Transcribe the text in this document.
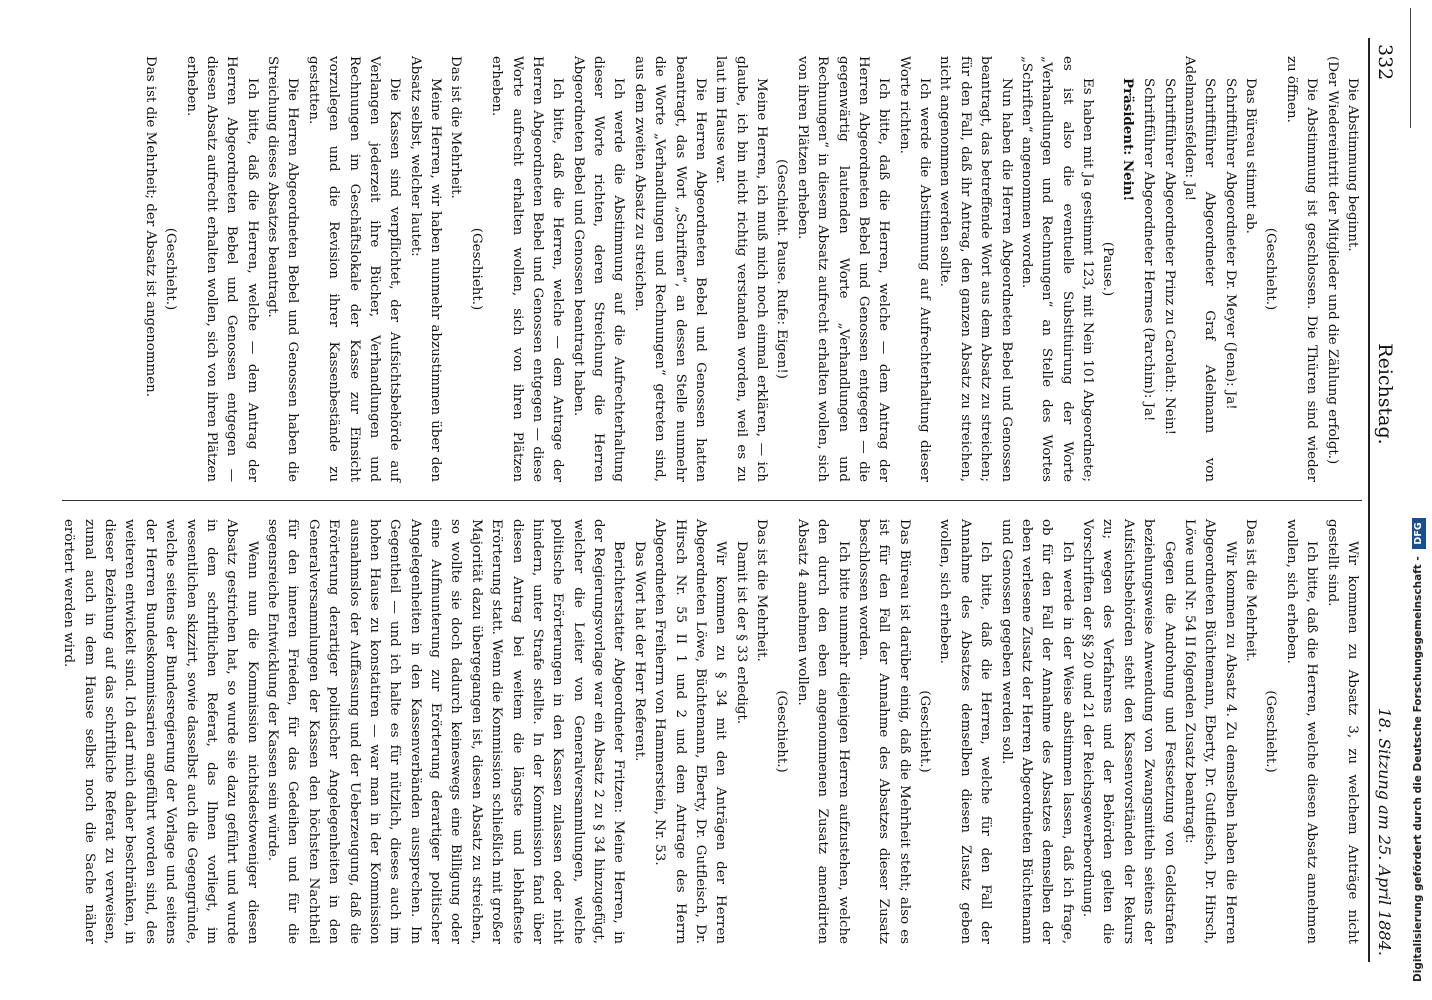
332
Reichstag.
18. Sitzung am 25. April 1884.

Die Abstimmung beginnt.

(Der Wiedereintritt der Mitglieder und die Zählung erfolgt.)

Die Abstimmung ist geschlossen. Die Thüren sind wieder zu öffnen.

(Geschieht.)

Das Büreau stimmt ab.

Schriftführer Abgeordneter Dr. Meyer (Jena): Ja!

Schriftführer Abgeordneter Graf Adelmann von Adelmannsfelden: Ja!

Schriftführer Abgeordneter Prinz zu Carolath: Nein!

Schriftführer Abgeordneter Hermes (Parchim): Ja!

Präsident: Nein!

(Pause.)

Es haben mit Ja gestimmt 123, mit Nein 101 Abgeordnete; es ist also die eventuelle Substituirung der Worte „Verhandlungen und Rechnungen“ an Stelle des Wortes „Schriften“ angenommen worden.

Nun haben die Herren Abgeordneten Bebel und Genossen beantragt, das betreffende Wort aus dem Absatz zu streichen; für den Fall, daß ihr Antrag, den ganzen Absatz zu streichen, nicht angenommen werden sollte.

Ich werde die Abstimmung auf Aufrechterhaltung dieser Worte richten.

Ich bitte, daß die Herren, welche — dem Antrag der Herren Abgeordneten Bebel und Genossen entgegen — die gegenwärtig lautenden Worte „Verhandlungen und Rechnungen“ in diesem Absatz aufrecht erhalten wollen, sich von ihren Plätzen erheben.

(Geschieht. Pause. Rufe: Eigen!)

Meine Herren, ich muß mich noch einmal erklären, — ich glaube, ich bin nicht richtig verstanden worden, weil es zu laut im Hause war.

Die Herren Abgeordneten Bebel und Genossen hatten beantragt, das Wort „Schriften“, an dessen Stelle nunmehr die Worte „Verhandlungen und Rechnungen“ getreten sind, aus dem zweiten Absatz zu streichen.

Ich werde die Abstimmung auf die Aufrechterhaltung dieser Worte richten, deren Streichung die Herren Abgeordneten Bebel und Genossen beantragt haben.

Ich bitte, daß die Herren, welche — dem Antrage der Herren Abgeordneten Bebel und Genossen entgegen — diese Worte aufrecht erhalten wollen, sich von ihren Plätzen erheben.

(Geschieht.)

Das ist die Mehrheit.

Meine Herren, wir haben nunmehr abzustimmen über den Absatz selbst, welcher lautet:

Die Kassen sind verpflichtet, der Aufsichtsbehörde auf Verlangen jederzeit ihre Bücher, Verhandlungen und Rechnungen im Geschäftslokale der Kasse zur Einsicht vorzulegen und die Revision ihrer Kassenbestände zu gestatten.

Die Herren Abgeordneten Bebel und Genossen haben die Streichung dieses Absatzes beantragt.

Ich bitte, daß die Herren, welche — dem Antrag der Herren Abgeordneten Bebel und Genossen entgegen — diesen Absatz aufrecht erhalten wollen, sich von ihren Plätzen erheben.

(Geschieht.)

Das ist die Mehrheit; der Absatz ist angenommen.

Wir kommen zu Absatz 3, zu welchem Anträge nicht gestellt sind.

Ich bitte, daß die Herren, welche diesen Absatz annehmen wollen, sich erheben.

(Geschieht.)

Das ist die Mehrheit.

Wir kommen zu Absatz 4. Zu demselben haben die Herren Abgeordneten Büchtemann, Eberty, Dr. Gutfleisch, Dr. Hirsch, Löwe und Nr. 54 II folgenden Zusatz beantragt:

Gegen die Androhung und Festsetzung von Geldstrafen beziehungsweise Anwendung von Zwangsmitteln seitens der Aufsichtsbehörden steht den Kassenvorständen der Rekurs zu; wegen des Verfahrens und der Behörden gelten die Vorschriften der §§ 20 und 21 der Reichsgewerbeordnung.

Ich werde in der Weise abstimmen lassen, daß ich frage, ob für den Fall der Annahme des Absatzes demselben der eben verlesene Zusatz der Herren Abgeordneten Büchtemann und Genossen gegeben werden soll.

Ich bitte, daß die Herren, welche für den Fall der Annahme des Absatzes demselben diesen Zusatz geben wollen, sich erheben.

(Geschieht.)

Das Büreau ist darüber einig, daß die Mehrheit steht; also es ist für den Fall der Annahme des Absatzes dieser Zusatz beschlossen worden.

Ich bitte nunmehr diejenigen Herren aufzustehen, welche den durch den eben angenommenen Zusatz amendirten Absatz 4 annehmen wollen.

(Geschieht.)

Das ist die Mehrheit.

Damit ist der § 33 erledigt.

Wir kommen zu § 34 mit den Anträgen der Herren Abgeordneten Löwe, Büchtemann, Eberty, Dr. Gutfleisch, Dr. Hirsch Nr. 55 II 1 und 2 und dem Antrage des Herrn Abgeordneten Freiherrn von Hammerstein, Nr. 53.

Das Wort hat der Herr Referent.

Berichterstatter Abgeordneter Fritzen: Meine Herren, in der Regierungsvorlage war ein Absatz 2 zu § 34 hinzugefügt, welcher die Leiter von Generalversammlungen, welche politische Erörterungen in den Kassen zulassen oder nicht hindern, unter Strafe stellte. In der Kommission fand über diesen Antrag bei weitem die längste und lebhafteste Erörterung statt. Wenn die Kommission schließlich mit großer Majorität dazu übergegangen ist, diesen Absatz zu streichen, so wollte sie doch dadurch keineswegs eine Billigung oder eine Aufmunterung zur Erörterung derartiger politischer Angelegenheiten in den Kassenverbänden aussprechen. Im Gegentheil — und ich halte es für nützlich, dieses auch im hohen Hause zu konstatiren — war man in der Kommission ausnahmslos der Auffassung und der Ueberzeugung, daß die Erörterung derartiger politischer Angelegenheiten in den Generalversammlungen der Kassen den höchsten Nachtheil für den inneren Frieden, für das Gedeihen und für die segensreiche Entwicklung der Kassen sein würde.

Wenn nun die Kommission nichtsdestoweniger diesen Absatz gestrichen hat, so wurde sie dazu geführt und wurde in dem schriftlichen Referat, das Ihnen vorliegt, im wesentlichen skizzirt, sowie dasselbst auch die Gegengründe, welche seitens der Bundesregierung der Vorlage und seitens der Herren Bundeskommissarien angeführt worden sind, des weiteren entwickelt sind. Ich darf mich daher beschränken, in dieser Beziehung auf das schriftliche Referat zu verweisen, zumal auch in dem Hause selbst noch die Sache näher erörtert werden wird.	Digitalisierung gefördert durch die Deutsche Forschungsgemeinschaft - DFG
